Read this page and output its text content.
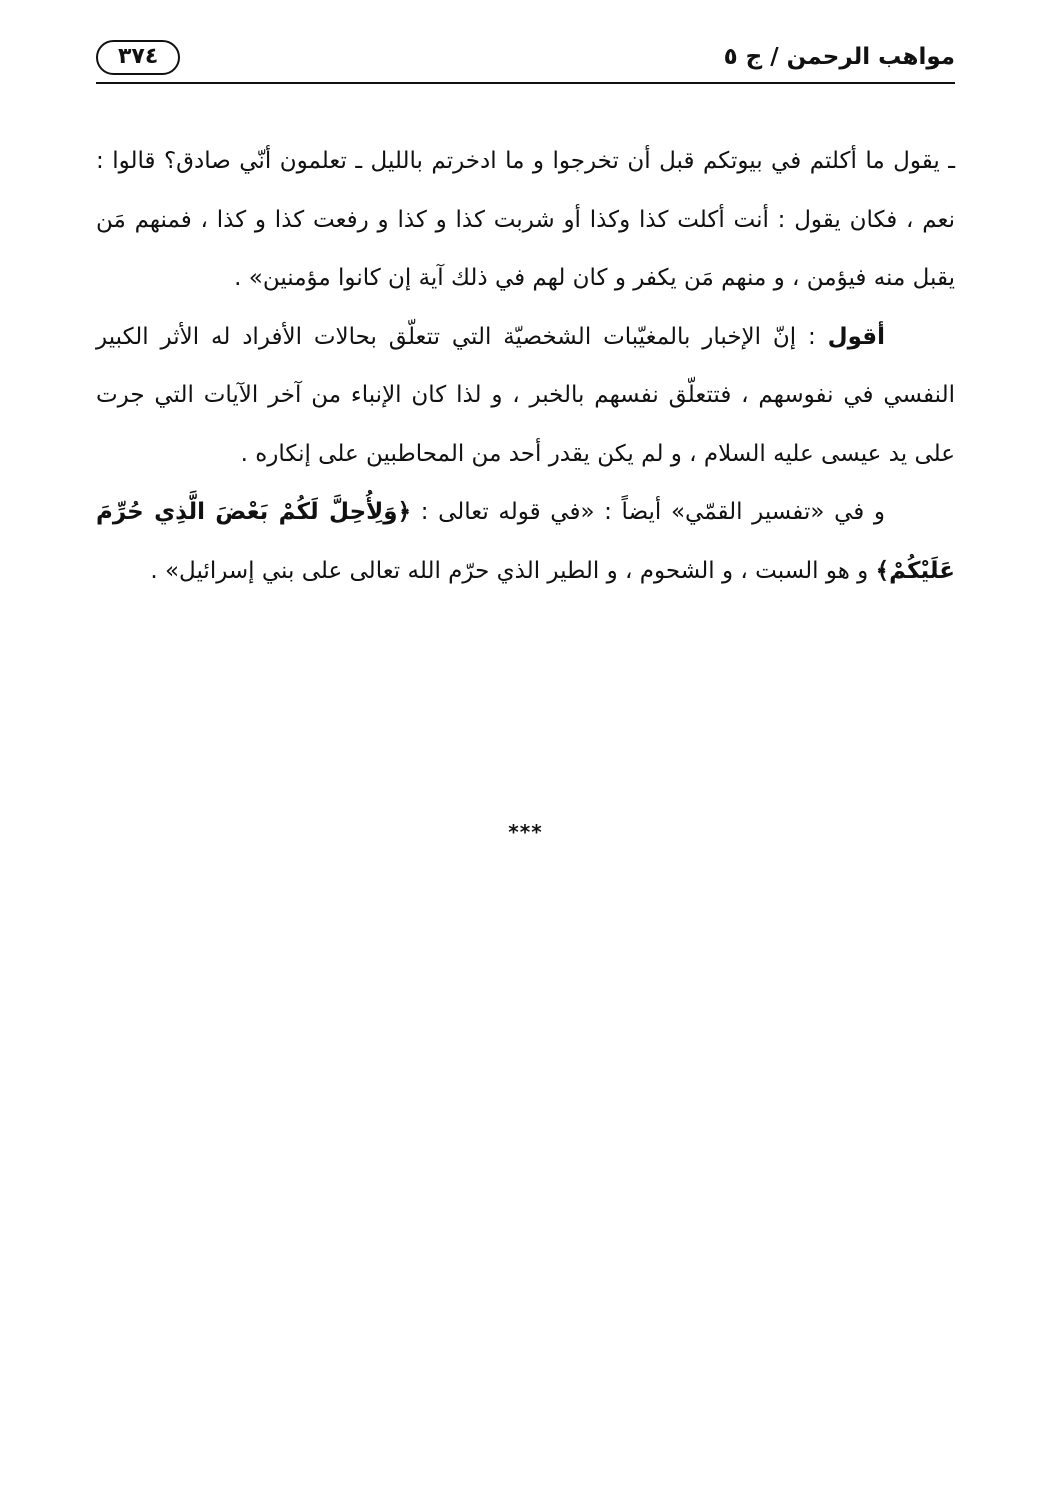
مواهب الرحمن / ج ٥
٣٧٤

ـ يقول ما أكلتم في بيوتكم قبل أن تخرجوا و ما ادخرتم بالليل ـ تعلمون أنّي صادق؟ قالوا : نعم ، فكان يقول : أنت أكلت كذا وكذا أو شربت كذا و كذا و رفعت كذا و كذا ، فمنهم مَن يقبل منه فيؤمن ، و منهم مَن يكفر و كان لهم في ذلك آية إن كانوا مؤمنين» .

أقول : إنّ الإخبار بالمغيّبات الشخصيّة التي تتعلّق بحالات الأفراد له الأثر الكبير النفسي في نفوسهم ، فتتعلّق نفسهم بالخبر ، و لذا كان الإنباء من آخر الآيات التي جرت على يد عيسى عليه السلام ، و لم يكن يقدر أحد من المحاطبين على إنكاره .

و في «تفسير القمّي» أيضاً : «في قوله تعالى : ﴿وَلِأُحِلَّ لَكُمْ بَعْضَ الَّذِي حُرِّمَ عَلَيْكُمْ﴾ و هو السبت ، و الشحوم ، و الطير الذي حرّم الله تعالى على بني إسرائيل» .

***
